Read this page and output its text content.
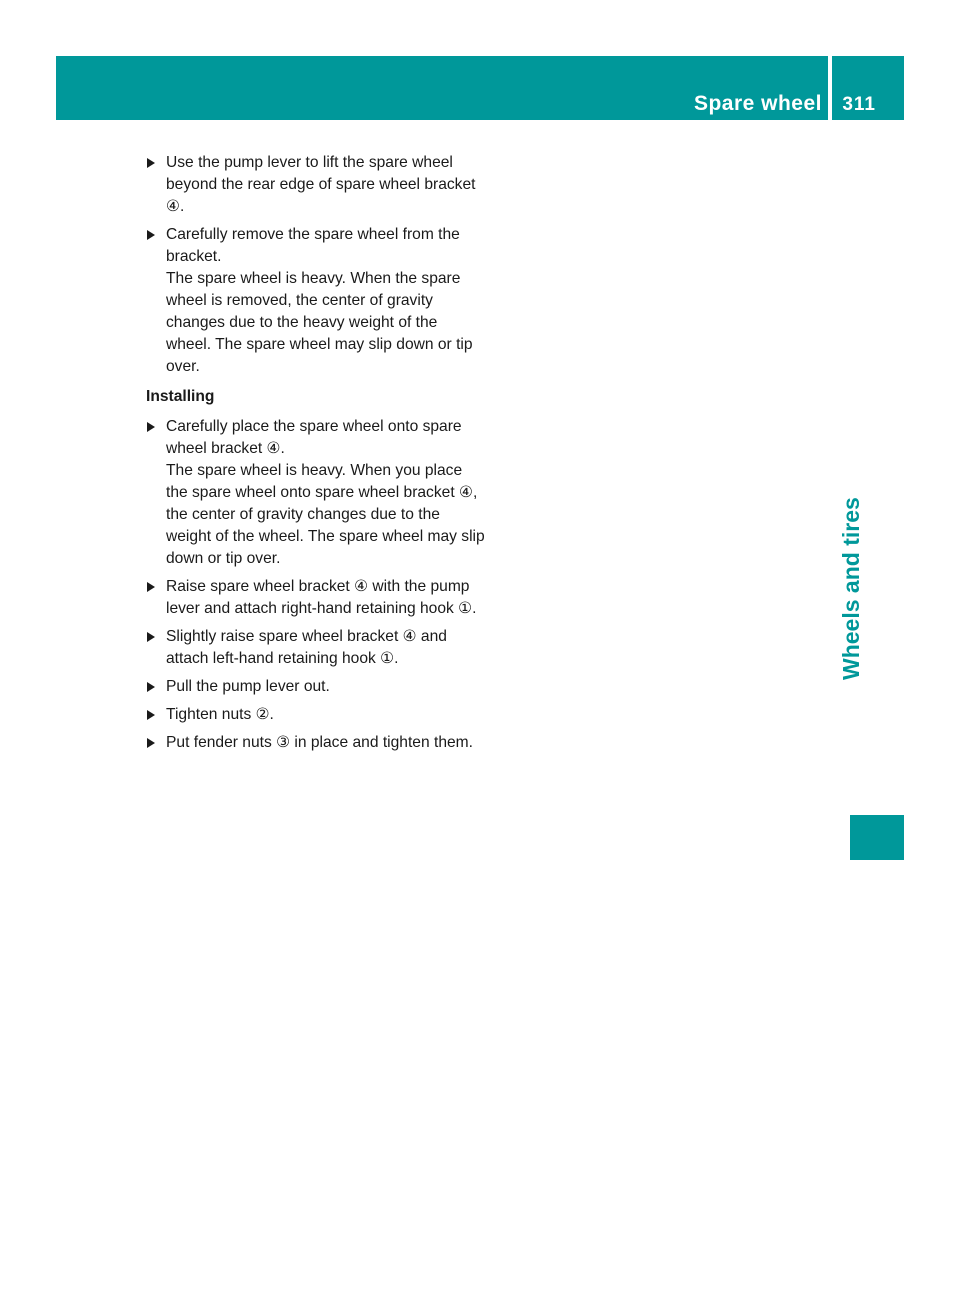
Spare wheel 311
Wheels and tires
Use the pump lever to lift the spare wheel beyond the rear edge of spare wheel bracket ④.
Carefully remove the spare wheel from the bracket.
The spare wheel is heavy. When the spare wheel is removed, the center of gravity changes due to the heavy weight of the wheel. The spare wheel may slip down or tip over.
Installing
Carefully place the spare wheel onto spare wheel bracket ④.
The spare wheel is heavy. When you place the spare wheel onto spare wheel bracket ④, the center of gravity changes due to the weight of the wheel. The spare wheel may slip down or tip over.
Raise spare wheel bracket ④ with the pump lever and attach right-hand retaining hook ①.
Slightly raise spare wheel bracket ④ and attach left-hand retaining hook ①.
Pull the pump lever out.
Tighten nuts ②.
Put fender nuts ③ in place and tighten them.
